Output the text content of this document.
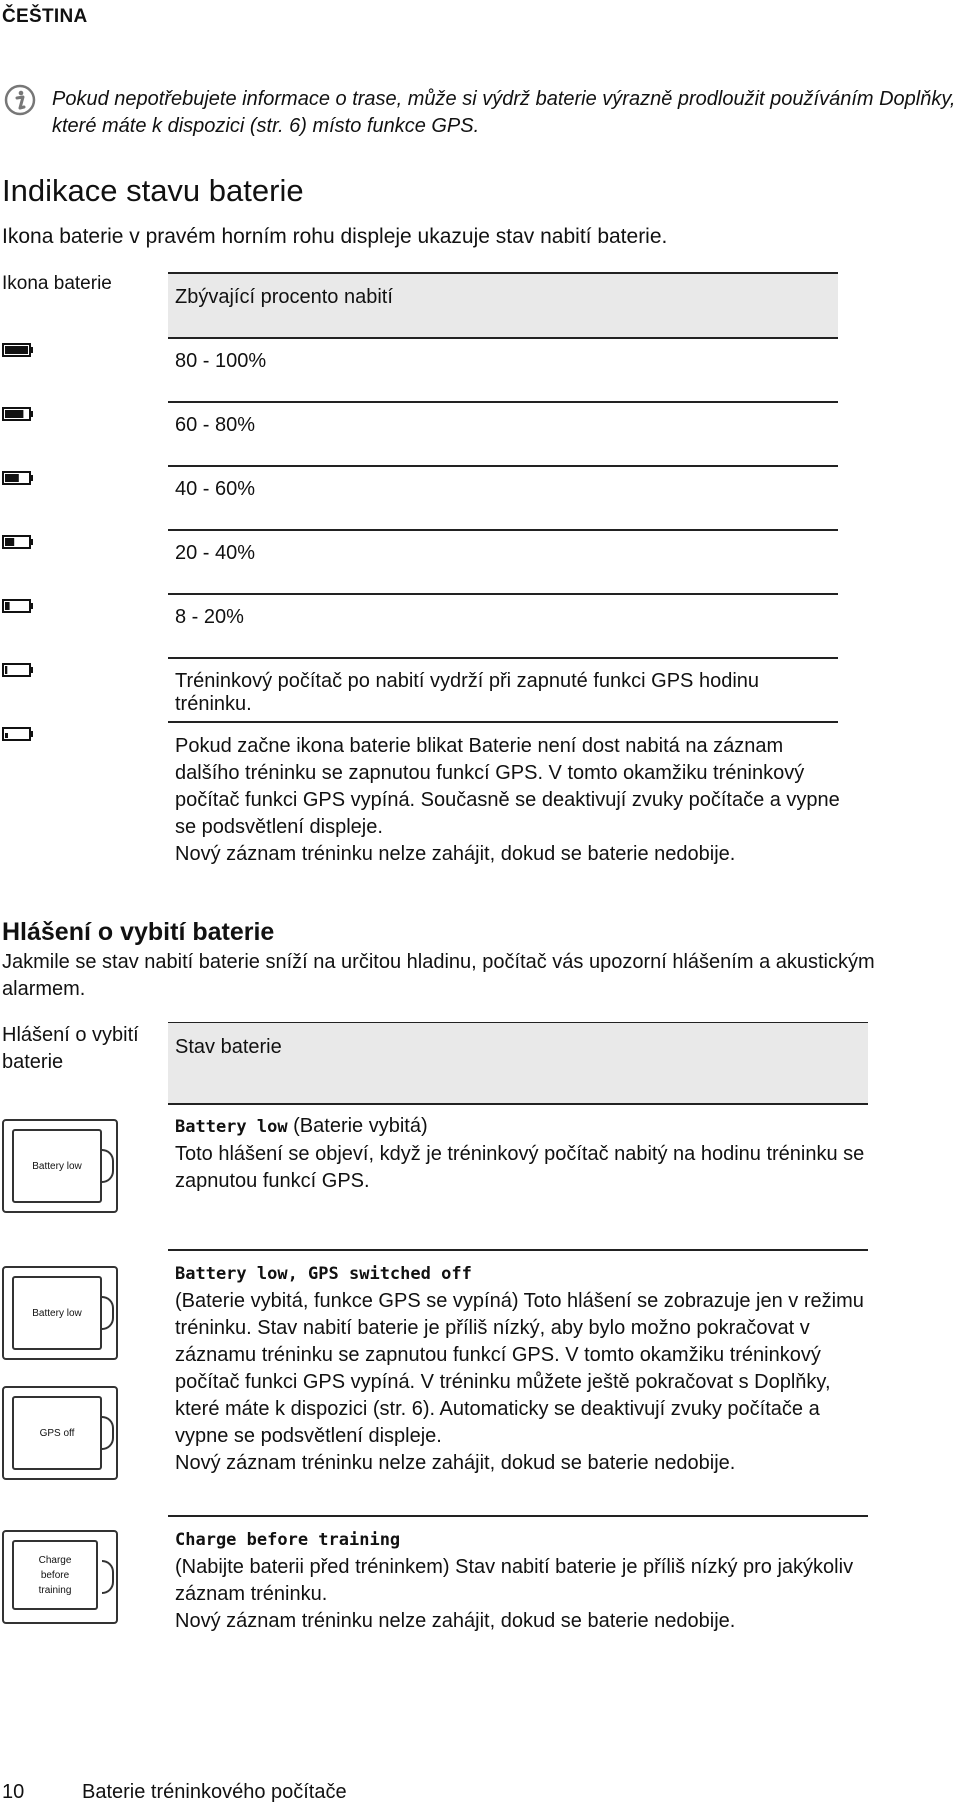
ČEŠTINA
Pokud nepotřebujete informace o trase, může si výdrž baterie výrazně prodloužit používáním Doplňky, které máte k dispozici (str. 6) místo funkce GPS.
Indikace stavu baterie
Ikona baterie v pravém horním rohu displeje ukazuje stav nabití baterie.
Ikona baterie
Zbývající procento nabití
80 - 100%
60 - 80%
40 - 60%
20 - 40%
8 - 20%
Tréninkový počítač po nabití vydrží při zapnuté funkci GPS hodinu tréninku.
Pokud začne ikona baterie blikat Baterie není dost nabitá na záznam dalšího tréninku se zapnutou funkcí GPS. V tomto okamžiku tréninkový počítač funkci GPS vypíná. Současně se deaktivují zvuky počítače a vypne se podsvětlení displeje.
Nový záznam tréninku nelze zahájit, dokud se baterie nedobije.
Hlášení o vybití baterie
Jakmile se stav nabití baterie sníží na určitou hladinu, počítač vás upozorní hlášením a akustickým alarmem.
Hlášení o vybití baterie
Stav baterie
Battery low
Battery low (Baterie vybitá)
Toto hlášení se objeví, když je tréninkový počítač nabitý na hodinu tréninku se zapnutou funkcí GPS.
Battery low
GPS off
Battery low, GPS switched off
(Baterie vybitá, funkce GPS se vypíná) Toto hlášení se zobrazuje jen v režimu tréninku. Stav nabití baterie je příliš nízký, aby bylo možno pokračovat v záznamu tréninku se zapnutou funkcí GPS. V tomto okamžiku tréninkový počítač funkci GPS vypíná. V tréninku můžete ještě pokračovat s Doplňky, které máte k dispozici (str. 6). Automaticky se deaktivují zvuky počítače a vypne se podsvětlení displeje.
Nový záznam tréninku nelze zahájit, dokud se baterie nedobije.
Charge before training
Charge before training
(Nabijte baterii před tréninkem) Stav nabití baterie je příliš nízký pro jakýkoliv záznam tréninku.
Nový záznam tréninku nelze zahájit, dokud se baterie nedobije.
10	Baterie tréninkového počítače
